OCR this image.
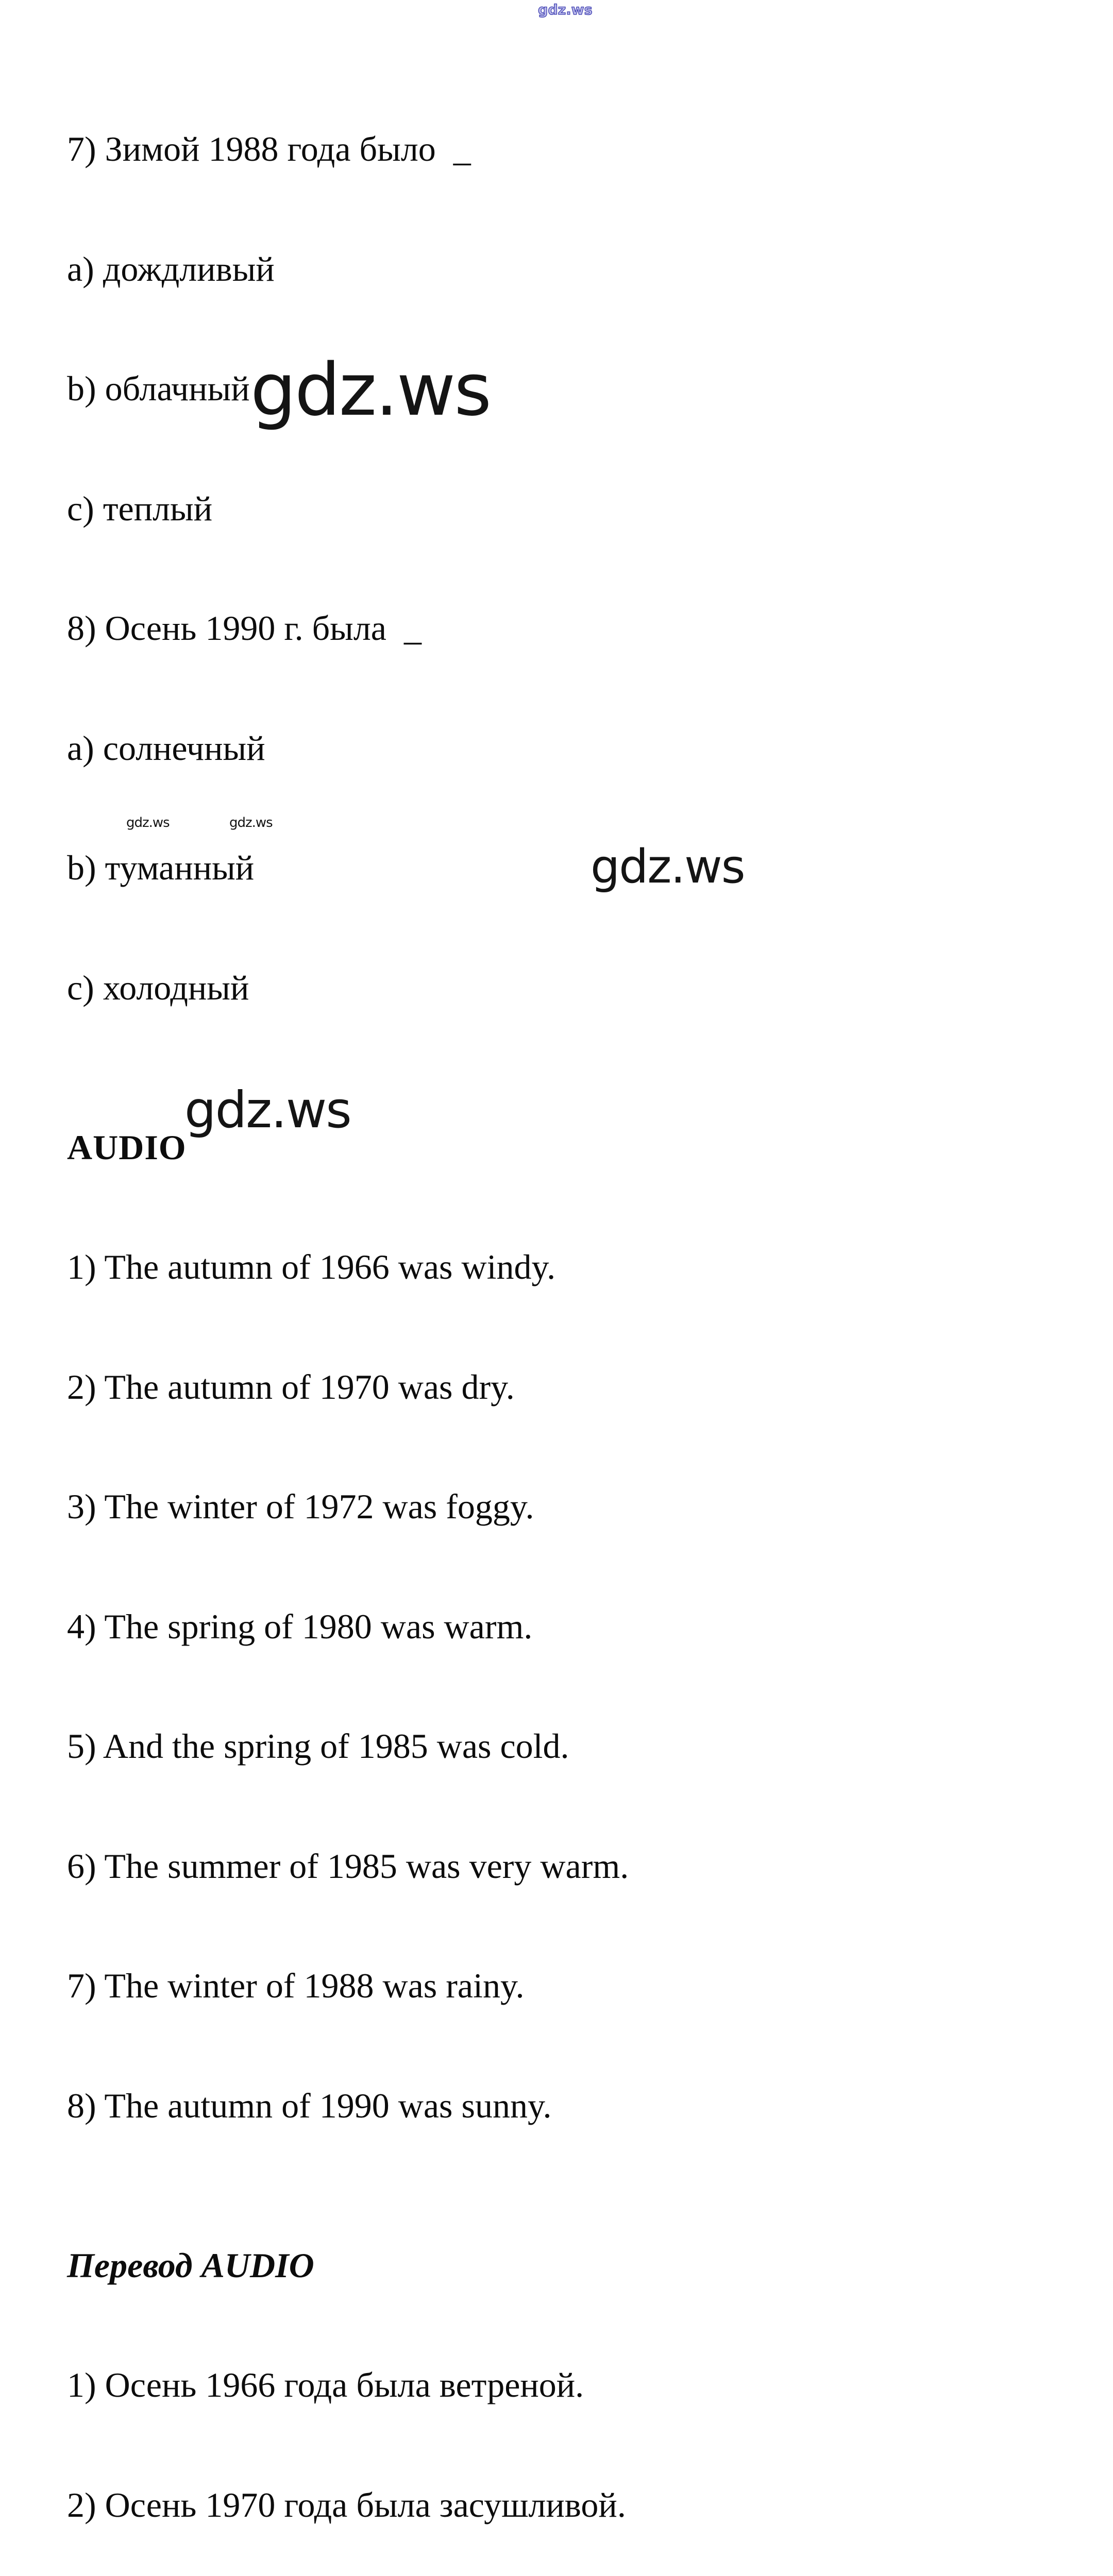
gdz.ws
gdz.ws
gdz.ws
gdz.ws
gdz.ws	gdz.ws

7) Зимой 1988 года было  _

a) дождливый

b) облачный

c) теплый

8) Осень 1990 г. была  _

a) солнечный

b) туманный

c) холодный

AUDIO

1) The autumn of 1966 was windy.

2) The autumn of 1970 was dry.

3) The winter of 1972 was foggy.

4) The spring of 1980 was warm.

5) And the spring of 1985 was cold.

6) The summer of 1985 was very warm.

7) The winter of 1988 was rainy.

8) The autumn of 1990 was sunny.

Перевод AUDIO

1) Осень 1966 года была ветреной.

2) Осень 1970 года была засушливой.
